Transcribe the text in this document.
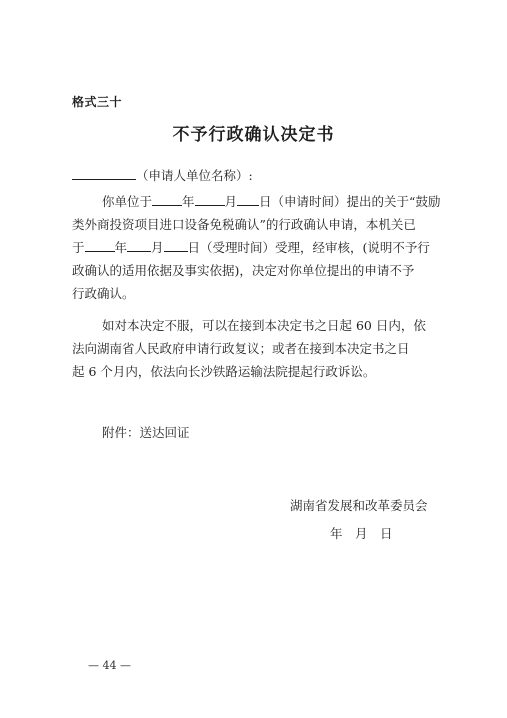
格式三十
不予行政确认决定书
（申请人单位名称）:
你单位于 年 月 日（申请时间）提出的关于“鼓励
类外商投资项目进口设备免税确认”的行政确认申请，本机关已
于 年 月 日（受理时间）受理，经审核，(说明不予行
政确认的适用依据及事实依据)，决定对你单位提出的申请不予
行政确认。
如对本决定不服，可以在接到本决定书之日起 60 日内，依
法向湖南省人民政府申请行政复议；或者在接到本决定书之日
起 6 个月内，依法向长沙铁路运输法院提起行政诉讼。
附件：送达回证
湖南省发展和改革委员会
年　月　日
— 44 —
